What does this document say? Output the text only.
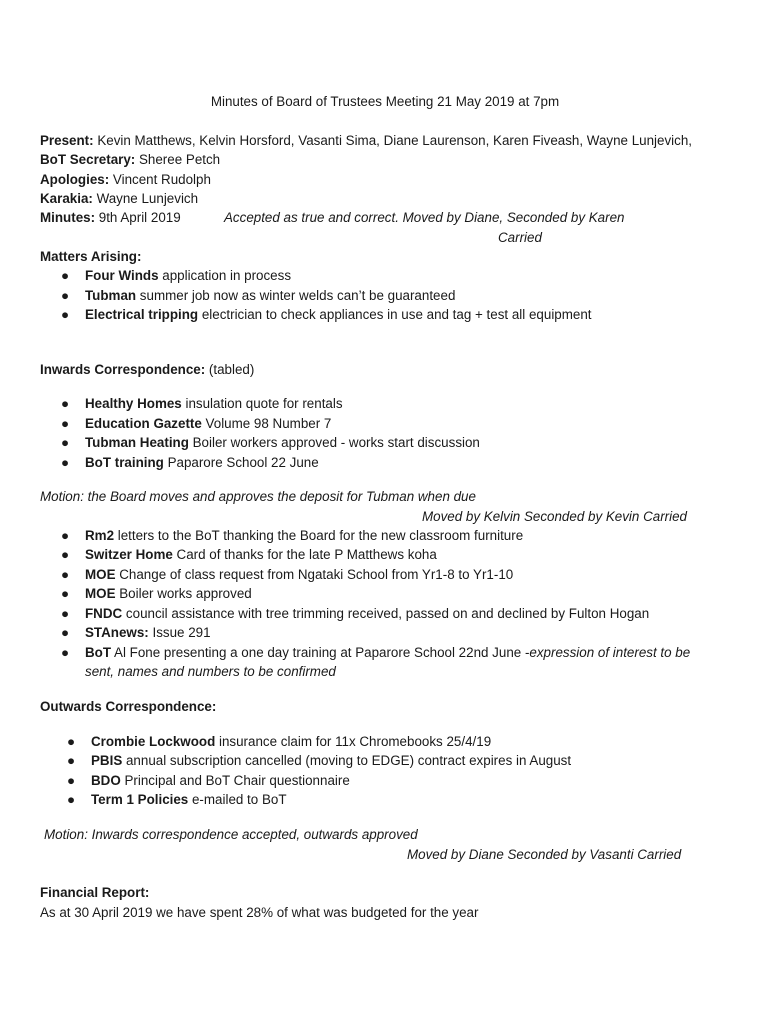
Minutes of Board of Trustees Meeting 21 May 2019 at 7pm
Present: Kevin Matthews, Kelvin Horsford, Vasanti Sima, Diane Laurenson, Karen Fiveash, Wayne Lunjevich,
BoT Secretary: Sheree Petch
Apologies: Vincent Rudolph
Karakia: Wayne Lunjevich
Minutes: 9th April 2019	Accepted as true and correct. Moved by Diane, Seconded by Karen
Carried
Matters Arising:
● Four Winds application in process
● Tubman summer job now as winter welds can’t be guaranteed
● Electrical tripping electrician to check appliances in use and tag + test all equipment
Inwards Correspondence: (tabled)
● Healthy Homes insulation quote for rentals
● Education Gazette Volume 98 Number 7
● Tubman Heating Boiler workers approved - works start discussion
● BoT training Paparore School 22 June
Motion: the Board moves and approves the deposit for Tubman when due
Moved by Kelvin Seconded by Kevin Carried
● Rm2 letters to the BoT thanking the Board for the new classroom furniture
● Switzer Home Card of thanks for the late P Matthews koha
● MOE Change of class request from Ngataki School from Yr1-8 to Yr1-10
● MOE Boiler works approved
● FNDC council assistance with tree trimming received, passed on and declined by Fulton Hogan
● STAnews: Issue 291
● BoT Al Fone presenting a one day training at Paparore School 22nd June -expression of interest to be
sent, names and numbers to be confirmed
Outwards Correspondence:
● Crombie Lockwood insurance claim for 11x Chromebooks 25/4/19
● PBIS annual subscription cancelled (moving to EDGE) contract expires in August
● BDO Principal and BoT Chair questionnaire
● Term 1 Policies e-mailed to BoT
Motion: Inwards correspondence accepted, outwards approved
Moved by Diane Seconded by Vasanti Carried
Financial Report:
As at 30 April 2019 we have spent 28% of what was budgeted for the year
